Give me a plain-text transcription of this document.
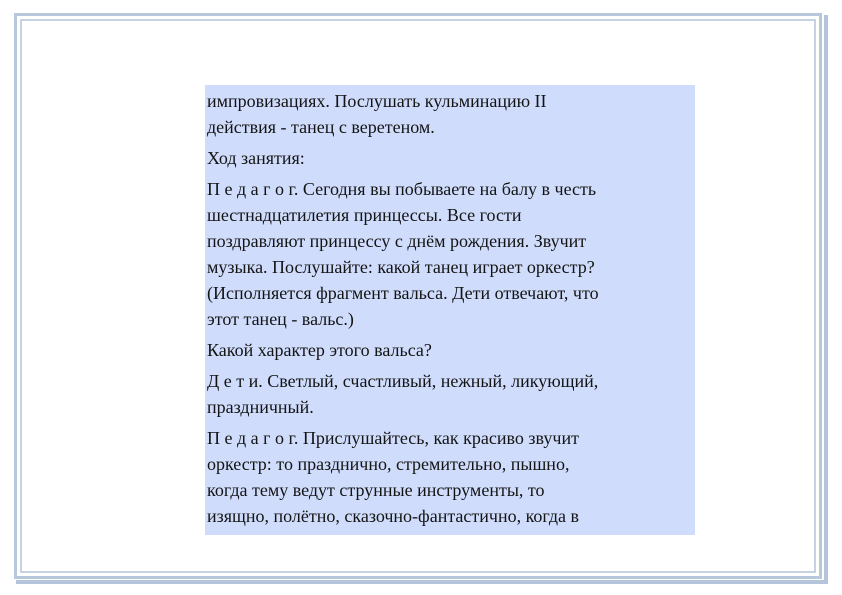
импровизациях. Послушать кульминацию II
действия - танец с веретеном.

Ход занятия:

П е д а г о г. Сегодня вы побываете на балу в честь
шестнадцатилетия принцессы. Все гости
поздравляют принцессу с днём рождения. Звучит
музыка. Послушайте: какой танец играет оркестр?
(Исполняется фрагмент вальса. Дети отвечают, что
этот танец - вальс.)

Какой характер этого вальса?

Д е т и. Светлый, счастливый, нежный, ликующий,
праздничный.

П е д а г о г. Прислушайтесь, как красиво звучит
оркестр: то празднично, стремительно, пышно,
когда тему ведут струнные инструменты, то
изящно, полётно, сказочно-фантастично, когда в
